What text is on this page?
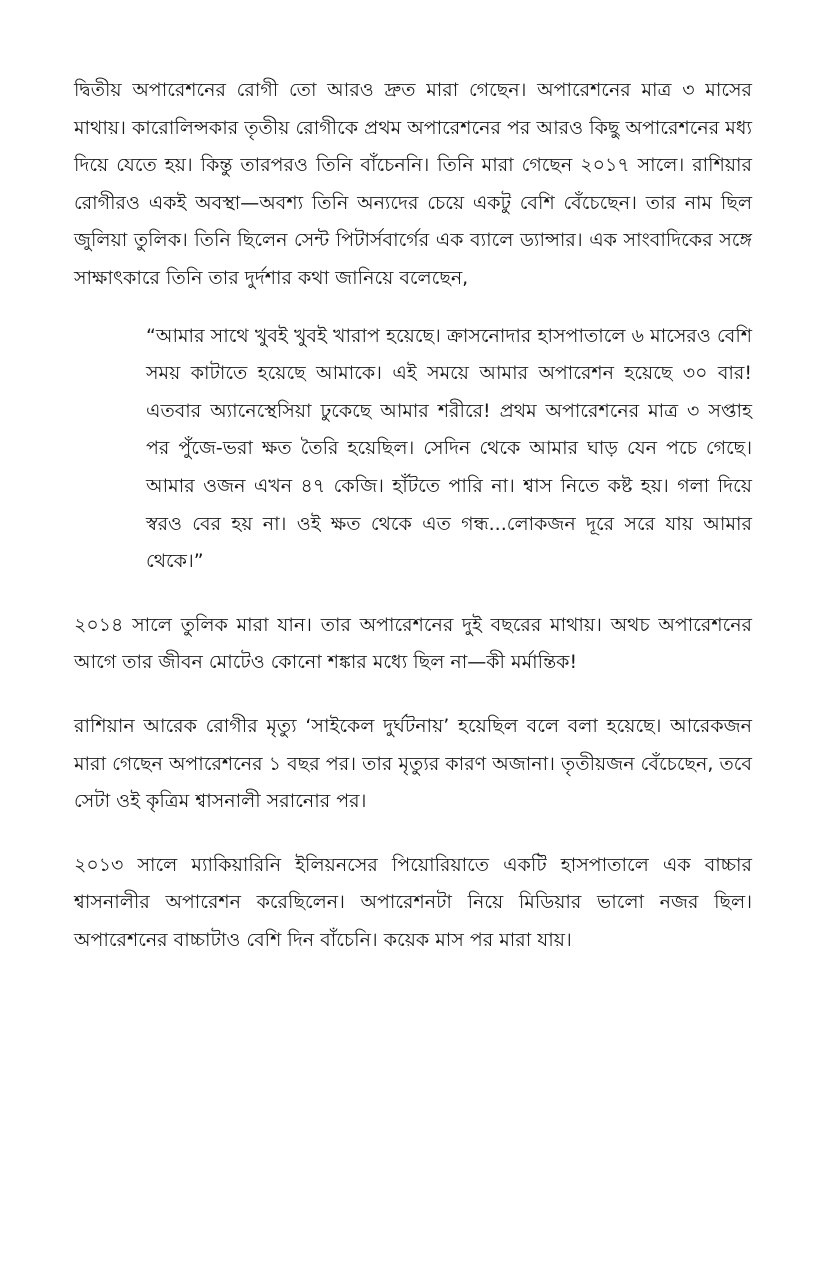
দ্বিতীয় অপারেশনের রোগী তো আরও দ্রুত মারা গেছেন। অপারেশনের মাত্র ৩ মাসের মাথায়। কারোলিন্সকার তৃতীয় রোগীকে প্রথম অপারেশনের পর আরও কিছু অপারেশনের মধ্য দিয়ে যেতে হয়। কিন্তু তারপরও তিনি বাঁচেননি। তিনি মারা গেছেন ২০১৭ সালে। রাশিয়ার রোগীরও একই অবস্থা—অবশ্য তিনি অন্যদের চেয়ে একটু বেশি বেঁচেছেন। তার নাম ছিল জুলিয়া তুলিক। তিনি ছিলেন সেন্ট পিটার্সবার্গের এক ব্যালে ড্যান্সার। এক সাংবাদিকের সঙ্গে সাক্ষাৎকারে তিনি তার দুর্দশার কথা জানিয়ে বলেছেন,

“আমার সাথে খুবই খুবই খারাপ হয়েছে। ক্রাসনোদার হাসপাতালে ৬ মাসেরও বেশি সময় কাটাতে হয়েছে আমাকে। এই সময়ে আমার অপারেশন হয়েছে ৩০ বার! এতবার অ্যানেস্থেসিয়া ঢুকেছে আমার শরীরে! প্রথম অপারেশনের মাত্র ৩ সপ্তাহ পর পুঁজে-ভরা ক্ষত তৈরি হয়েছিল। সেদিন থেকে আমার ঘাড় যেন পচে গেছে। আমার ওজন এখন ৪৭ কেজি। হাঁটতে পারি না। শ্বাস নিতে কষ্ট হয়। গলা দিয়ে স্বরও বের হয় না। ওই ক্ষত থেকে এত গন্ধ...লোকজন দূরে সরে যায় আমার থেকে।”

২০১৪ সালে তুলিক মারা যান। তার অপারেশনের দুই বছরের মাথায়। অথচ অপারেশনের আগে তার জীবন মোটেও কোনো শঙ্কার মধ্যে ছিল না—কী মর্মান্তিক!

রাশিয়ান আরেক রোগীর মৃত্যু ‘সাইকেল দুর্ঘটনায়’ হয়েছিল বলে বলা হয়েছে। আরেকজন মারা গেছেন অপারেশনের ১ বছর পর। তার মৃত্যুর কারণ অজানা। তৃতীয়জন বেঁচেছেন, তবে সেটা ওই কৃত্রিম শ্বাসনালী সরানোর পর।

২০১৩ সালে ম্যাকিয়ারিনি ইলিয়নসের পিয়োরিয়াতে একটি হাসপাতালে এক বাচ্চার শ্বাসনালীর অপারেশন করেছিলেন। অপারেশনটা নিয়ে মিডিয়ার ভালো নজর ছিল। অপারেশনের বাচ্চাটাও বেশি দিন বাঁচেনি। কয়েক মাস পর মারা যায়।
